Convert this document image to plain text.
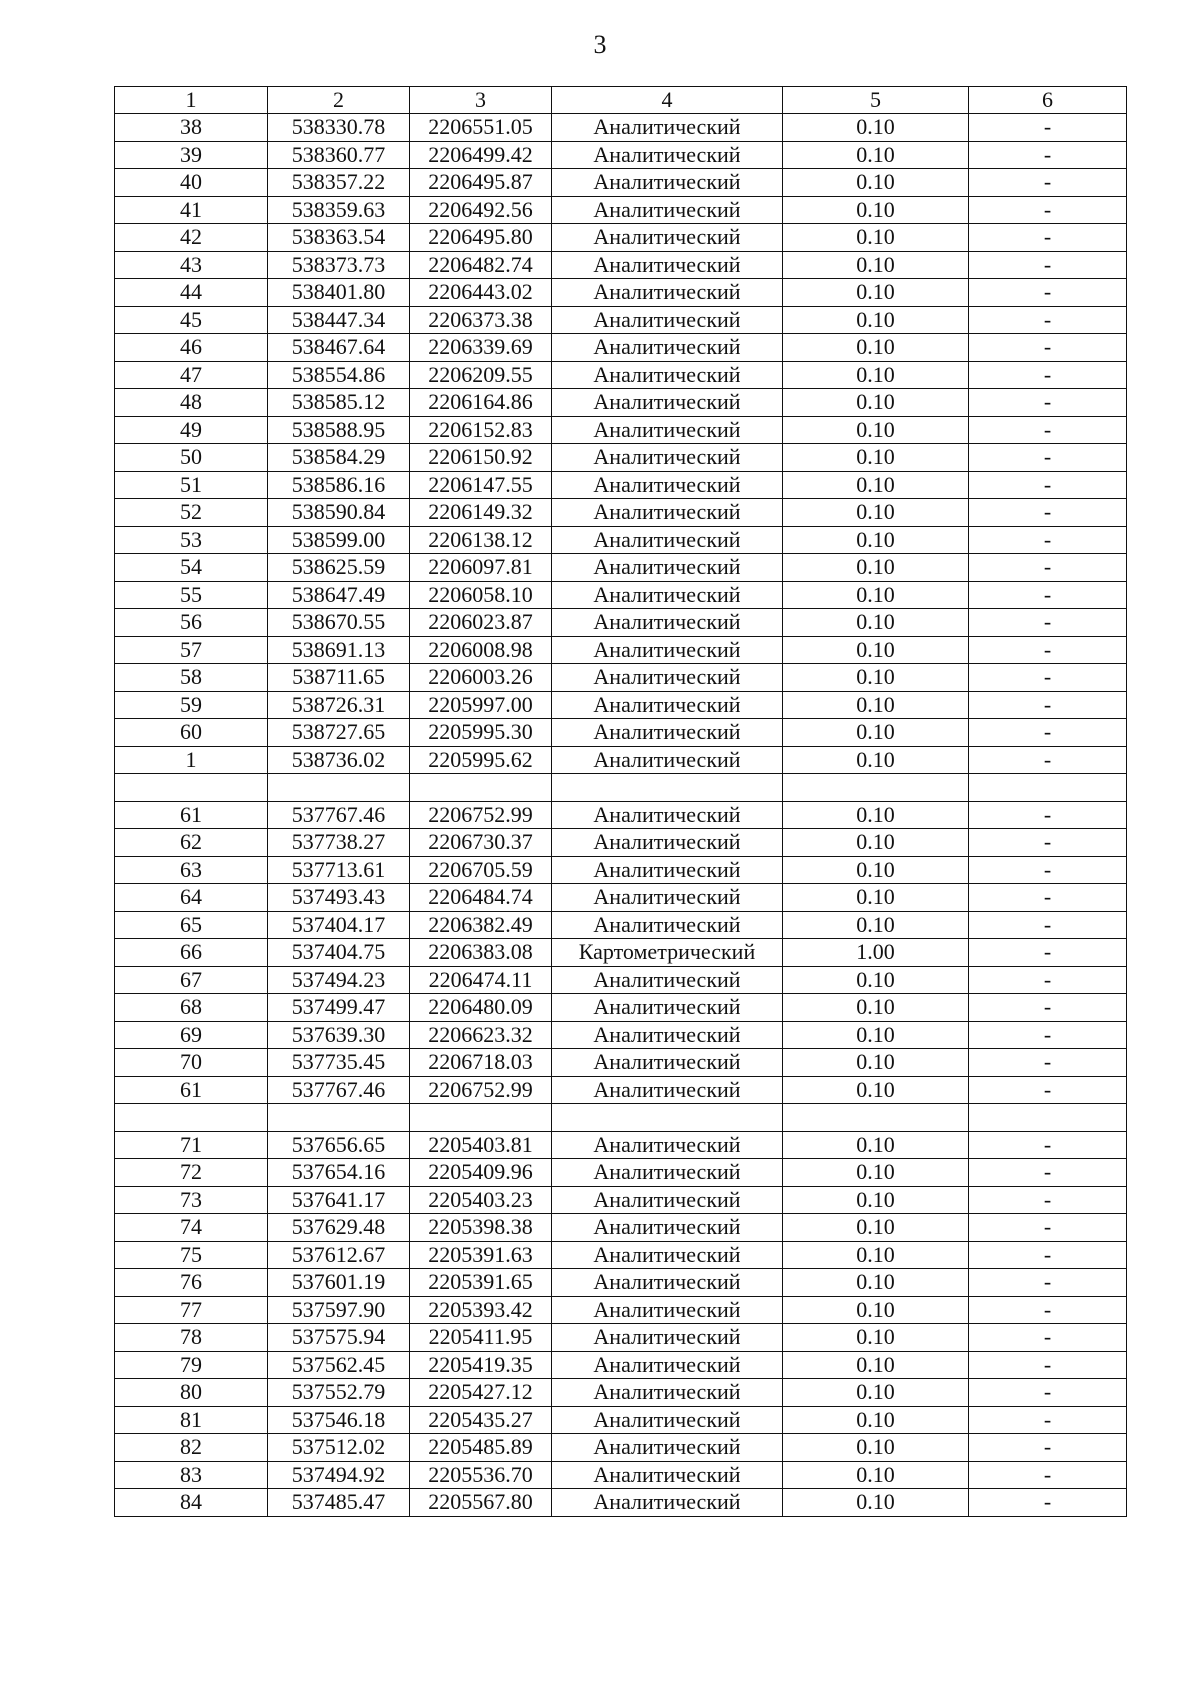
3
1	2	3	4	5	6
38	538330.78	2206551.05	Аналитический	0.10	-
39	538360.77	2206499.42	Аналитический	0.10	-
40	538357.22	2206495.87	Аналитический	0.10	-
41	538359.63	2206492.56	Аналитический	0.10	-
42	538363.54	2206495.80	Аналитический	0.10	-
43	538373.73	2206482.74	Аналитический	0.10	-
44	538401.80	2206443.02	Аналитический	0.10	-
45	538447.34	2206373.38	Аналитический	0.10	-
46	538467.64	2206339.69	Аналитический	0.10	-
47	538554.86	2206209.55	Аналитический	0.10	-
48	538585.12	2206164.86	Аналитический	0.10	-
49	538588.95	2206152.83	Аналитический	0.10	-
50	538584.29	2206150.92	Аналитический	0.10	-
51	538586.16	2206147.55	Аналитический	0.10	-
52	538590.84	2206149.32	Аналитический	0.10	-
53	538599.00	2206138.12	Аналитический	0.10	-
54	538625.59	2206097.81	Аналитический	0.10	-
55	538647.49	2206058.10	Аналитический	0.10	-
56	538670.55	2206023.87	Аналитический	0.10	-
57	538691.13	2206008.98	Аналитический	0.10	-
58	538711.65	2206003.26	Аналитический	0.10	-
59	538726.31	2205997.00	Аналитический	0.10	-
60	538727.65	2205995.30	Аналитический	0.10	-
1	538736.02	2205995.62	Аналитический	0.10	-

61	537767.46	2206752.99	Аналитический	0.10	-
62	537738.27	2206730.37	Аналитический	0.10	-
63	537713.61	2206705.59	Аналитический	0.10	-
64	537493.43	2206484.74	Аналитический	0.10	-
65	537404.17	2206382.49	Аналитический	0.10	-
66	537404.75	2206383.08	Картометрический	1.00	-
67	537494.23	2206474.11	Аналитический	0.10	-
68	537499.47	2206480.09	Аналитический	0.10	-
69	537639.30	2206623.32	Аналитический	0.10	-
70	537735.45	2206718.03	Аналитический	0.10	-
61	537767.46	2206752.99	Аналитический	0.10	-

71	537656.65	2205403.81	Аналитический	0.10	-
72	537654.16	2205409.96	Аналитический	0.10	-
73	537641.17	2205403.23	Аналитический	0.10	-
74	537629.48	2205398.38	Аналитический	0.10	-
75	537612.67	2205391.63	Аналитический	0.10	-
76	537601.19	2205391.65	Аналитический	0.10	-
77	537597.90	2205393.42	Аналитический	0.10	-
78	537575.94	2205411.95	Аналитический	0.10	-
79	537562.45	2205419.35	Аналитический	0.10	-
80	537552.79	2205427.12	Аналитический	0.10	-
81	537546.18	2205435.27	Аналитический	0.10	-
82	537512.02	2205485.89	Аналитический	0.10	-
83	537494.92	2205536.70	Аналитический	0.10	-
84	537485.47	2205567.80	Аналитический	0.10	-
